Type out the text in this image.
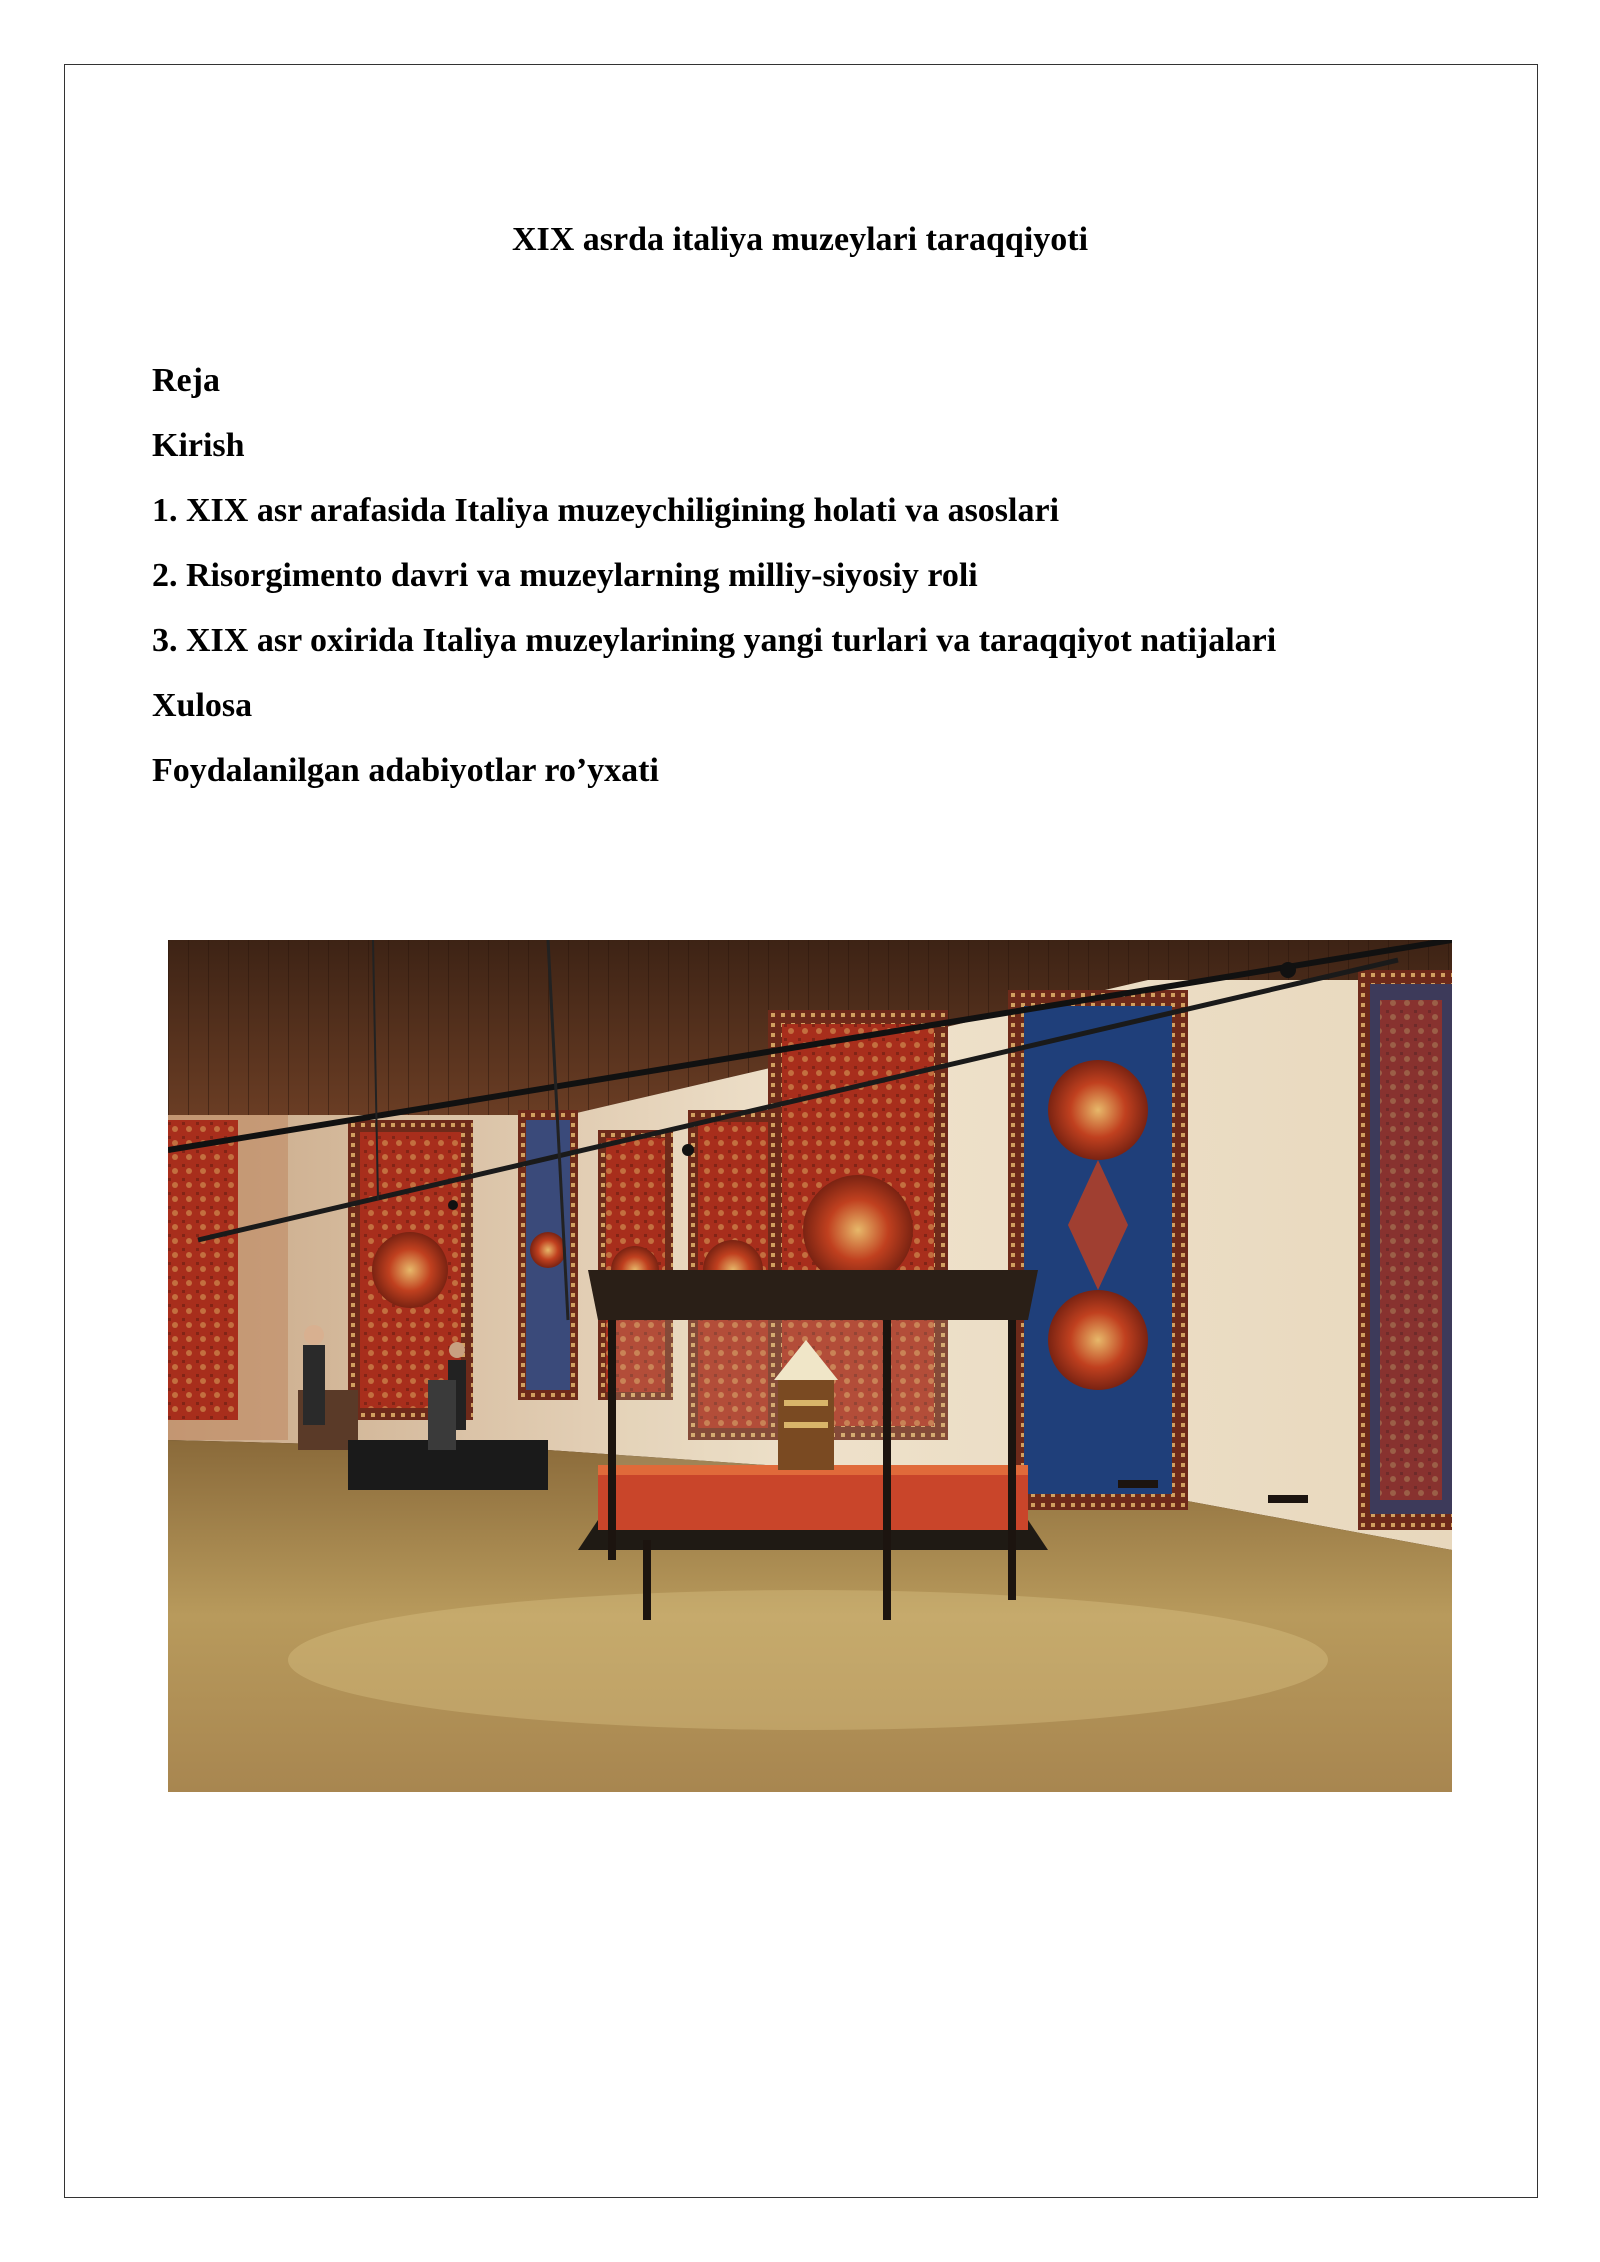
XIX asrda italiya muzeylari taraqqiyoti
Reja
Kirish
1. XIX asr arafasida Italiya muzeychiligining holati va asoslari
2. Risorgimento davri va muzeylarning milliy-siyosiy roli
3. XIX asr oxirida Italiya muzeylarining yangi turlari va taraqqiyot natijalari
Xulosa
Foydalanilgan adabiyotlar ro’yxati
